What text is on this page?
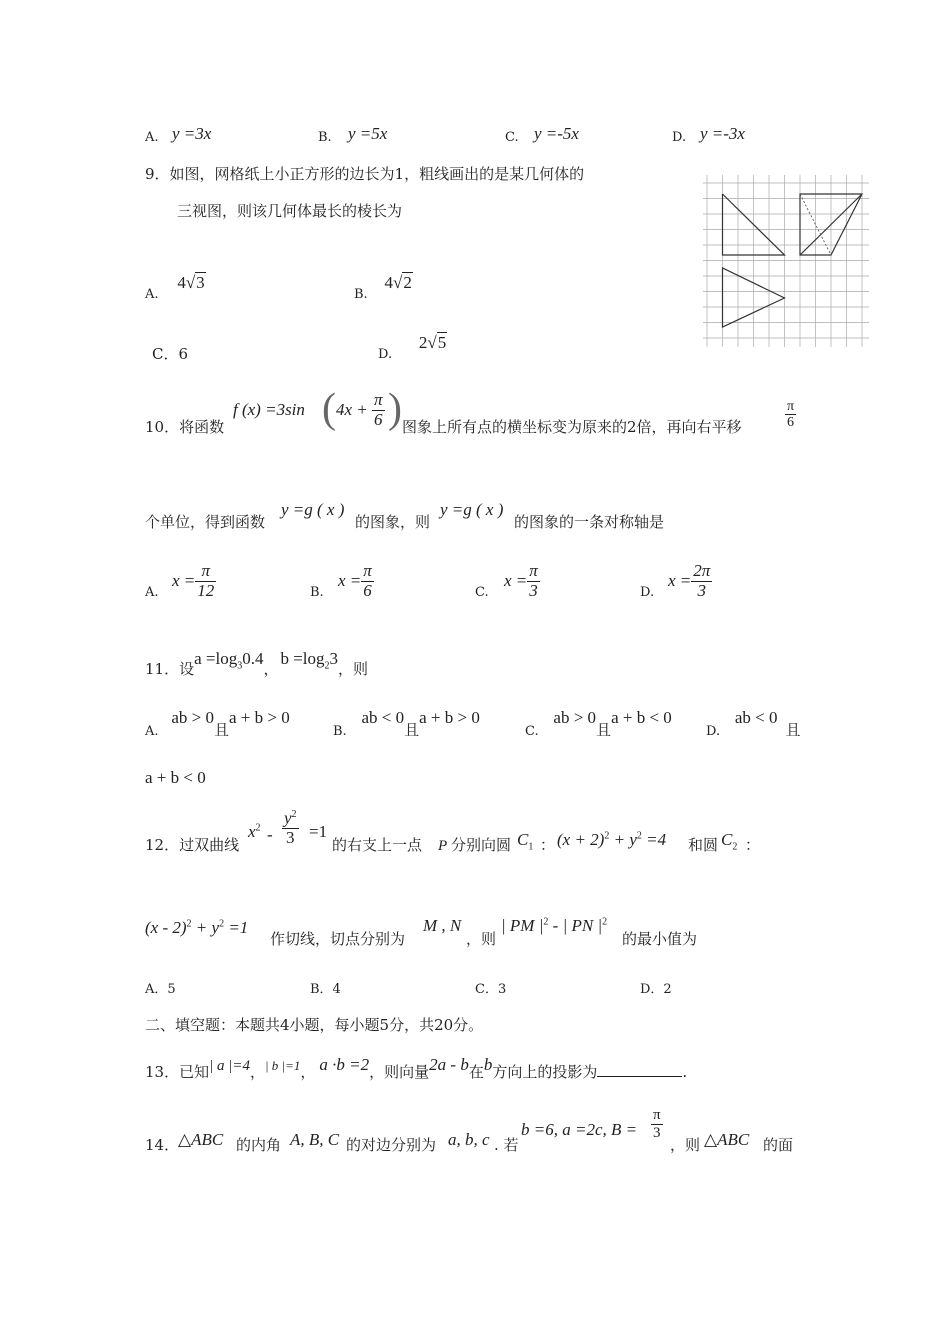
A. y =3x	B. y =5x	C. y =-5x	D. y =-3x
9．如图，网格纸上小正方形的边长为1，粗线画出的是某几何体的
三视图，则该几何体最长的棱长为
A. 4√3
B. 4√2
C．6	D. 2√5
10．将函数
f (x) =3sin ( $4x + \frac{\pi}{6}$ ) 图象上所有点的横坐标变为原来的2倍，再向右平移	$\frac{\pi}{6}$
个单位，得到函数
y =g ( x )
的图象，则
y =g ( x )
的图象的一条对称轴是
A.
$x = \frac{\pi}{12}$	B.
$x = \frac{\pi}{6}$	C.
$x = \frac{\pi}{3}$	D.
$x = \frac{2\pi}{3}$
11．设$a =\log_30.4$，$b =\log_23$，则
A. ab > 0且a + b > 0
B. ab < 0且a + b > 0
C. ab > 0且a + b < 0
D. ab < 0且
a + b < 0
12．过双曲线
$x^2 - \frac{y^2}{3} =1$
的右支上一点 P 分别向圆 $C_1$ ： $(x + 2)^2 + y^2 =4$ 和圆 $C_2$ ：
$(x - 2)^2 + y^2 =1$
作切线，切点分别为
M , N
，则
| PM $|^2$ - | PN $|^2$
的最小值为
A．5	B．4	C．3	D．2
二、填空题：本题共4小题，每小题5分，共20分。
13．已知| a |=4，| b |=1， a ·b =2，则向量2a - b在b方向上的投影为	.
14．
△ABC 的内角 A, B, C 的对边分别为 a, b, c . 若
b =6, a =2c, $B = \frac{\pi}{3}$
，则 △ABC 的面
